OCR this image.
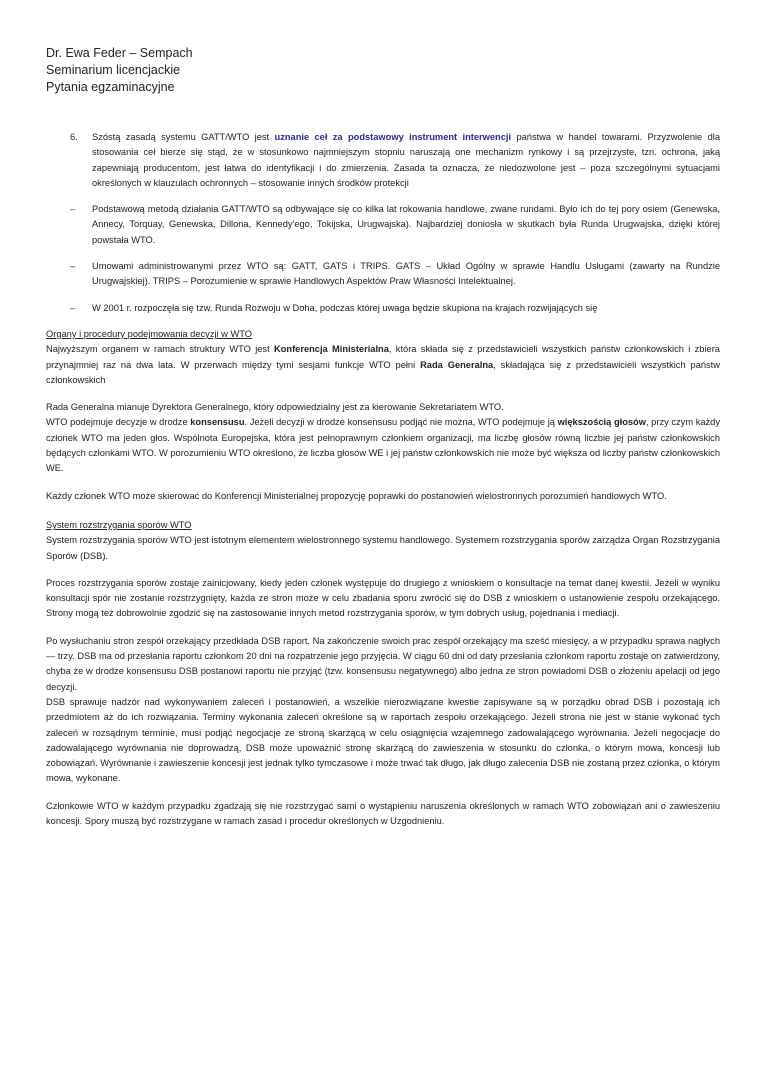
Dr. Ewa Feder – Sempach
Seminarium licencjackie
Pytania egzaminacyjne
6.	Szóstą zasadą systemu GATT/WTO jest uznanie ceł za podstawowy instrument interwencji państwa w handel towarami. Przyzwolenie dla stosowania ceł bierze się stąd, że w stosunkowo najmniejszym stopniu naruszają one mechanizm rynkowy i są przejrzyste, tzn. ochrona, jaką zapewniają producentom, jest łatwa do identyfikacji i do zmierzenia. Zasada ta oznacza, że niedozwolone jest – poza szczególnymi sytuacjami określonych w klauzulach ochronnych – stosowanie innych środków protekcji
–	Podstawową metodą działania GATT/WTO są odbywające się co kilka lat rokowania handlowe, zwane rundami. Było ich do tej pory osiem (Genewska, Annecy, Torquay, Genewska, Dillona, Kennedy'ego, Tokijska, Urugwajska). Najbardziej doniosła w skutkach była Runda Urugwajska, dzięki której powstała WTO.
–	Umowami administrowanymi przez WTO są: GATT, GATS i TRIPS. GATS – Układ Ogólny w sprawie Handlu Usługami (zawarty na Rundzie Urugwajskiej). TRIPS – Porozumienie w sprawie Handlowych Aspektów Praw Własności Intelektualnej.
–	W 2001 r. rozpoczęła się tzw. Runda Rozwoju w Doha, podczas której uwaga będzie skupiona na krajach rozwijających się
Organy i procedury podejmowania decyzji w WTO

Najwyższym organem w ramach struktury WTO jest Konferencja Ministerialna, która składa się z przedstawicieli wszystkich państw członkowskich i zbiera przynajmniej raz na dwa lata. W przerwach między tymi sesjami funkcje WTO pełni Rada Generalna, składająca się z przedstawicieli wszystkich państw członkowskich

Rada Generalna mianuje Dyrektora Generalnego, który odpowiedzialny jest za kierowanie Sekretariatem WTO.

WTO podejmuje decyzje w drodze konsensusu. Jeżeli decyzji w drodze konsensusu podjąć nie można, WTO podejmuje ją większością głosów, przy czym każdy członek WTO ma jeden głos. Wspólnota Europejska, która jest pełnoprawnym członkiem organizacji, ma liczbę głosów równą liczbie jej państw członkowskich będących członkami WTO. W porozumieniu WTO określono, że liczba głosów WE i jej państw członkowskich nie może być większa od liczby państw członkowskich WE.

Każdy członek WTO może skierować do Konferencji Ministerialnej propozycję poprawki do postanowień wielostronnych porozumień handlowych WTO.

System rozstrzygania sporów WTO

System rozstrzygania sporów WTO jest istotnym elementem wielostronnego systemu handlowego. Systemem rozstrzygania sporów zarządza Organ Rozstrzygania Sporów (DSB).

Proces rozstrzygania sporów zostaje zainicjowany, kiedy jeden członek występuje do drugiego z wnioskiem o konsultacje na temat danej kwestii. Jeżeli w wyniku konsultacji spór nie zostanie rozstrzygnięty, każda ze stron może w celu zbadania sporu zwrócić się do DSB z wnioskiem o ustanowienie zespołu orzekającego. Strony mogą też dobrowolnie zgodzić się na zastosowanie innych metod rozstrzygania sporów, w tym dobrych usług, pojednania i mediacji.

Po wysłuchaniu stron zespół orzekający przedkłada DSB raport. Na zakończenie swoich prac zespół orzekający ma sześć miesięcy, a w przypadku sprawa nagłych — trzy. DSB ma od przesłania raportu członkom 20 dni na rozpatrzenie jego przyjęcia. W ciągu 60 dni od daty przesłania członkom raportu zostaje on zatwierdzony, chyba że w drodze konsensusu DSB postanowi raportu nie przyjąć (tzw. konsensusu negatywnego) albo jedna ze stron powiadomi DSB o złożeniu apelacji od jego decyzji.

DSB sprawuje nadzór nad wykonywaniem zaleceń i postanowień, a wszelkie nierozwiązane kwestie zapisywane są w porządku obrad DSB i pozostają ich przedmiotem aż do ich rozwiązania. Terminy wykonania zaleceń określone są w raportach zespołu orzekającego. Jeżeli strona nie jest w stanie wykonać tych zaleceń w rozsądnym terminie, musi podjąć negocjacje ze stroną skarżącą w celu osiągnięcia wzajemnego zadowalającego wyrównania. Jeżeli negocjacje do zadowalającego wyrównania nie doprowadzą, DSB może upoważnić stronę skarżącą do zawieszenia w stosunku do członka, o którym mowa, koncesji lub zobowiązań. Wyrównanie i zawieszenie koncesji jest jednak tylko tymczasowe i może trwać tak długo, jak długo zalecenia DSB nie zostaną przez członka, o którym mowa, wykonane.

Członkowie WTO w każdym przypadku zgadzają się nie rozstrzygać sami o wystąpieniu naruszenia określonych w ramach WTO zobowiązań ani o zawieszeniu koncesji. Spory muszą być rozstrzygane w ramach zasad i procedur określonych w Uzgodnieniu.
